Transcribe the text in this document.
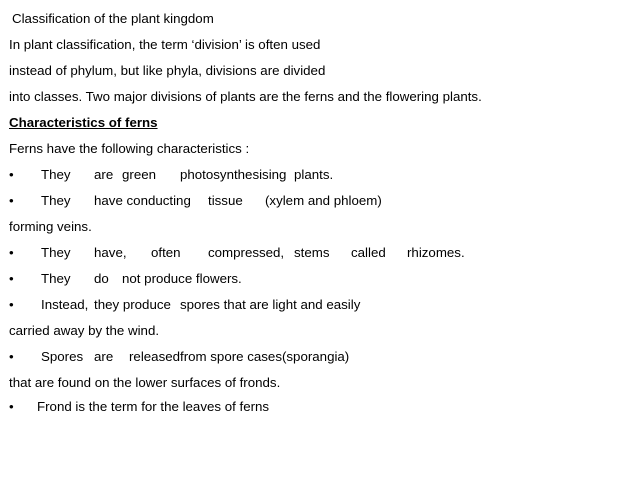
Classification of the plant kingdom
In plant classification, the term ‘division’ is often used
instead of phylum, but like phyla, divisions are divided
into classes. Two major divisions of plants are the ferns and the flowering plants.
Characteristics of ferns
Ferns have the following characteristics :

•

They

are

green

photosynthesising

plants.

•

They

have conducting

tissue

(xylem and phloem)

forming veins.

•

They

have,

often

compressed,

stems

called

rhizomes.

•

They

do

not produce flowers.

•

Instead,

they produce

spores that are light and easily

carried away by the wind.

•

Spores

are

released

from spore cases(sporangia)

that are found on the lower surfaces of fronds.

•

Frond is the term for the leaves of ferns
